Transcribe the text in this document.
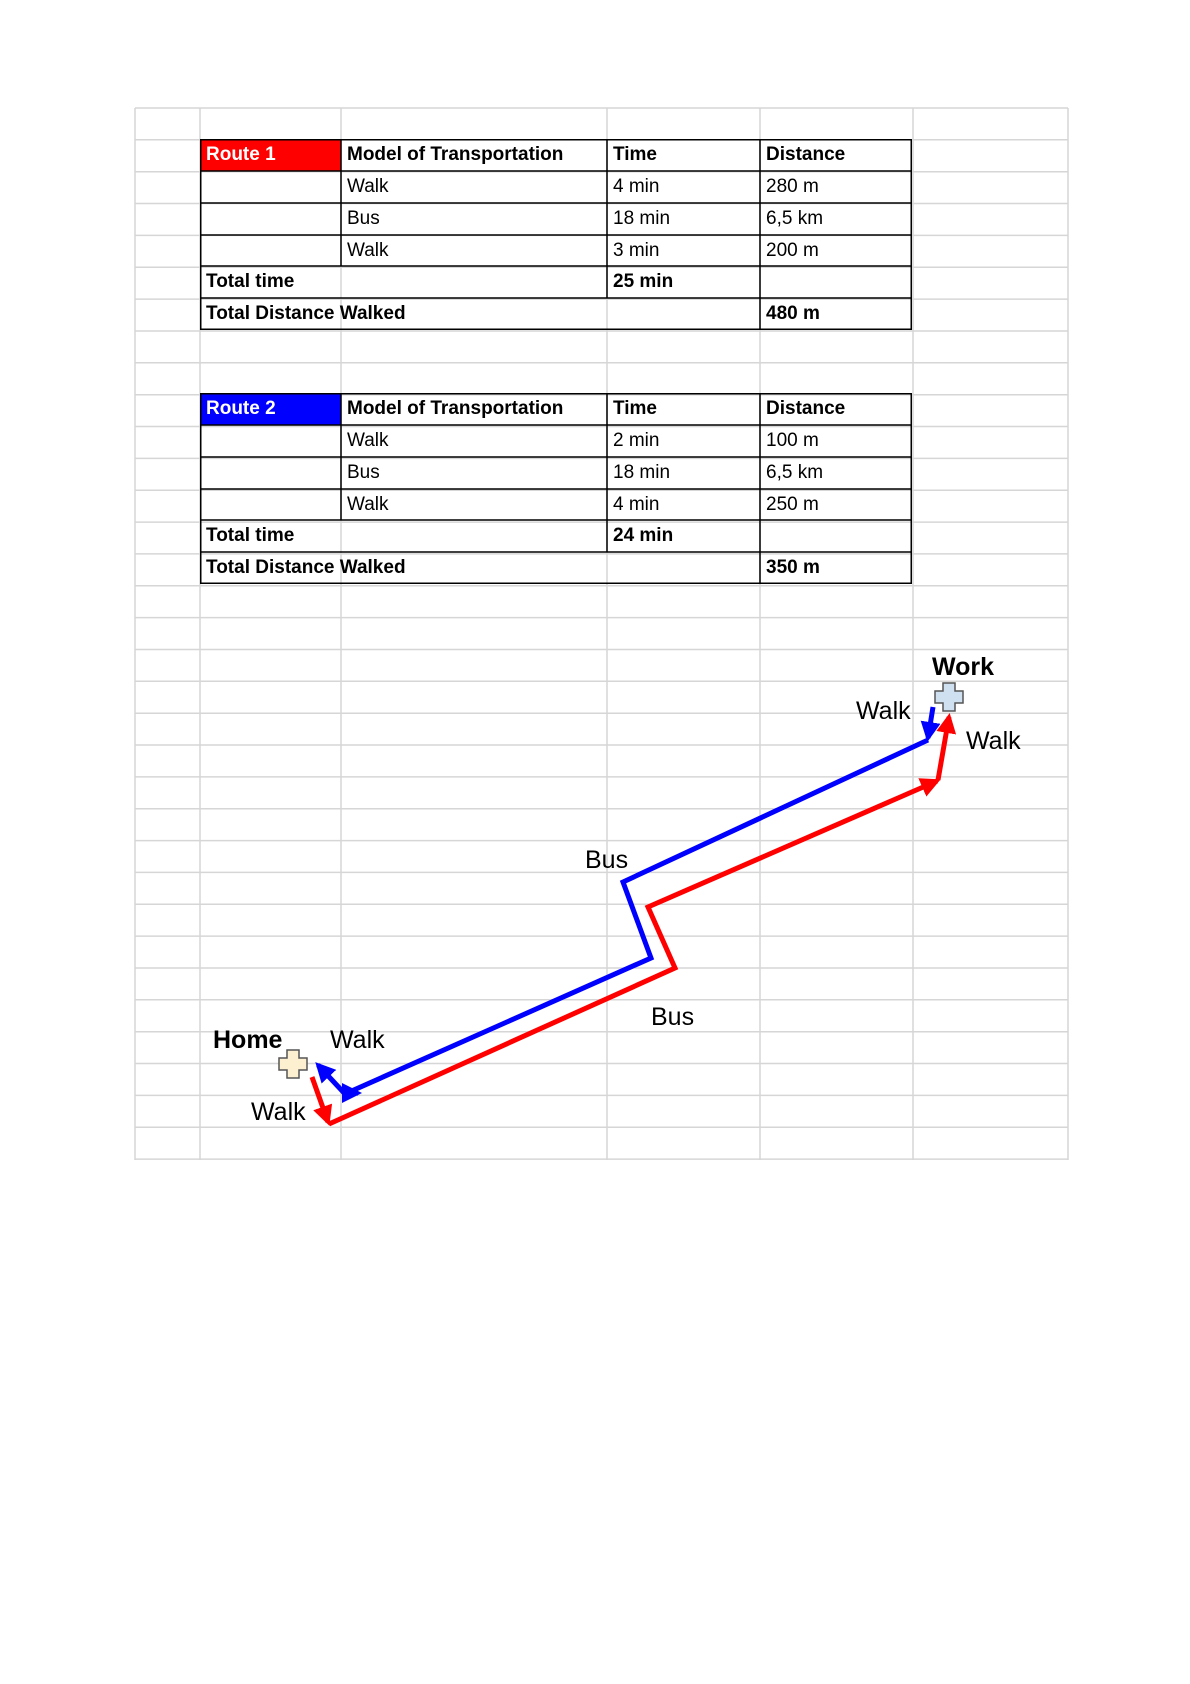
Route 1	Model of Transportation	Time	Distance
Walk	4 min	280 m
Bus	18 min	6,5 km
Walk	3 min	200 m
Total time	25 min
Total Distance Walked	480 m
Route 2	Model of Transportation	Time	Distance
Walk	2 min	100 m
Bus	18 min	6,5 km
Walk	4 min	250 m
Total time	24 min
Total Distance Walked	350 m
Home
Work
Walk
Walk
Walk
Walk
Bus
Bus
